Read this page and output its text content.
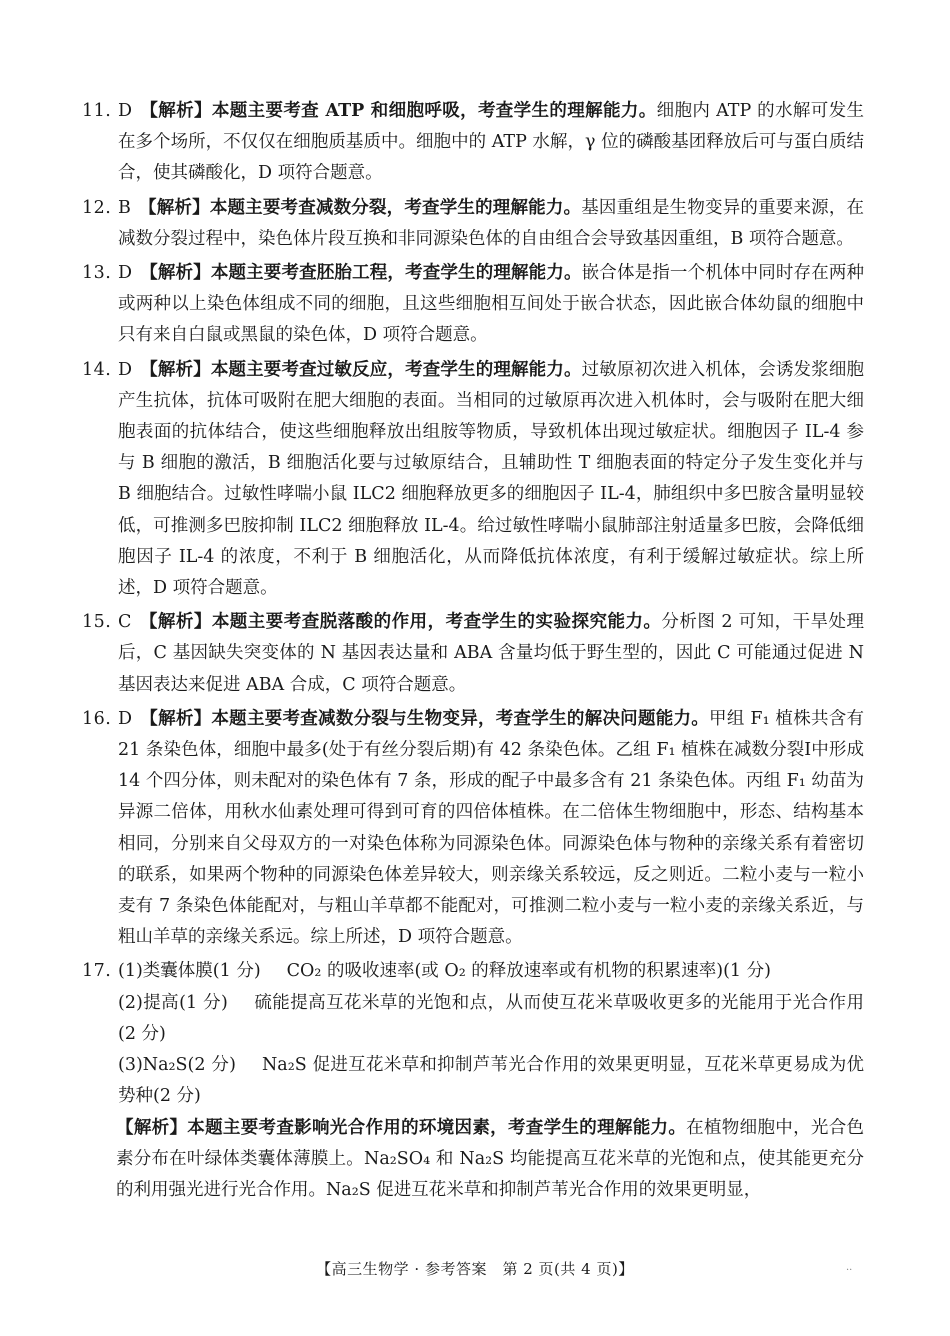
11. D 【解析】本题主要考查 ATP 和细胞呼吸，考查学生的理解能力。细胞内 ATP 的水解可发生在多个场所，不仅仅在细胞质基质中。细胞中的 ATP 水解，γ 位的磷酸基团释放后可与蛋白质结合，使其磷酸化，D 项符合题意。
12. B 【解析】本题主要考查减数分裂，考查学生的理解能力。基因重组是生物变异的重要来源，在减数分裂过程中，染色体片段互换和非同源染色体的自由组合会导致基因重组，B 项符合题意。
13. D 【解析】本题主要考查胚胎工程，考查学生的理解能力。嵌合体是指一个机体中同时存在两种或两种以上染色体组成不同的细胞，且这些细胞相互间处于嵌合状态，因此嵌合体幼鼠的细胞中只有来自白鼠或黑鼠的染色体，D 项符合题意。
14. D 【解析】本题主要考查过敏反应，考查学生的理解能力。过敏原初次进入机体，会诱发浆细胞产生抗体，抗体可吸附在肥大细胞的表面。当相同的过敏原再次进入机体时，会与吸附在肥大细胞表面的抗体结合，使这些细胞释放出组胺等物质，导致机体出现过敏症状。细胞因子 IL-4 参与 B 细胞的激活，B 细胞活化要与过敏原结合，且辅助性 T 细胞表面的特定分子发生变化并与 B 细胞结合。过敏性哮喘小鼠 ILC2 细胞释放更多的细胞因子 IL-4，肺组织中多巴胺含量明显较低，可推测多巴胺抑制 ILC2 细胞释放 IL-4。给过敏性哮喘小鼠肺部注射适量多巴胺，会降低细胞因子 IL-4 的浓度，不利于 B 细胞活化，从而降低抗体浓度，有利于缓解过敏症状。综上所述，D 项符合题意。
15. C 【解析】本题主要考查脱落酸的作用，考查学生的实验探究能力。分析图 2 可知，干旱处理后，C 基因缺失突变体的 N 基因表达量和 ABA 含量均低于野生型的，因此 C 可能通过促进 N 基因表达来促进 ABA 合成，C 项符合题意。
16. D 【解析】本题主要考查减数分裂与生物变异，考查学生的解决问题能力。甲组 F₁ 植株共含有 21 条染色体，细胞中最多(处于有丝分裂后期)有 42 条染色体。乙组 F₁ 植株在减数分裂Ⅰ中形成 14 个四分体，则未配对的染色体有 7 条，形成的配子中最多含有 21 条染色体。丙组 F₁ 幼苗为异源二倍体，用秋水仙素处理可得到可育的四倍体植株。在二倍体生物细胞中，形态、结构基本相同，分别来自父母双方的一对染色体称为同源染色体。同源染色体与物种的亲缘关系有着密切的联系，如果两个物种的同源染色体差异较大，则亲缘关系较远，反之则近。二粒小麦与一粒小麦有 7 条染色体能配对，与粗山羊草都不能配对，可推测二粒小麦与一粒小麦的亲缘关系近，与粗山羊草的亲缘关系远。综上所述，D 项符合题意。
17. (1)类囊体膜(1 分) CO₂ 的吸收速率(或 O₂ 的释放速率或有机物的积累速率)(1 分)
(2)提高(1 分) 硫能提高互花米草的光饱和点，从而使互花米草吸收更多的光能用于光合作用(2 分)
(3)Na₂S(2 分) Na₂S 促进互花米草和抑制芦苇光合作用的效果更明显，互花米草更易成为优势种(2 分)
【解析】本题主要考查影响光合作用的环境因素，考查学生的理解能力。在植物细胞中，光合色素分布在叶绿体类囊体薄膜上。Na₂SO₄ 和 Na₂S 均能提高互花米草的光饱和点，使其能更充分的利用强光进行光合作用。Na₂S 促进互花米草和抑制芦苇光合作用的效果更明显，
【高三生物学 · 参考答案　第 2 页(共 4 页)】	··
